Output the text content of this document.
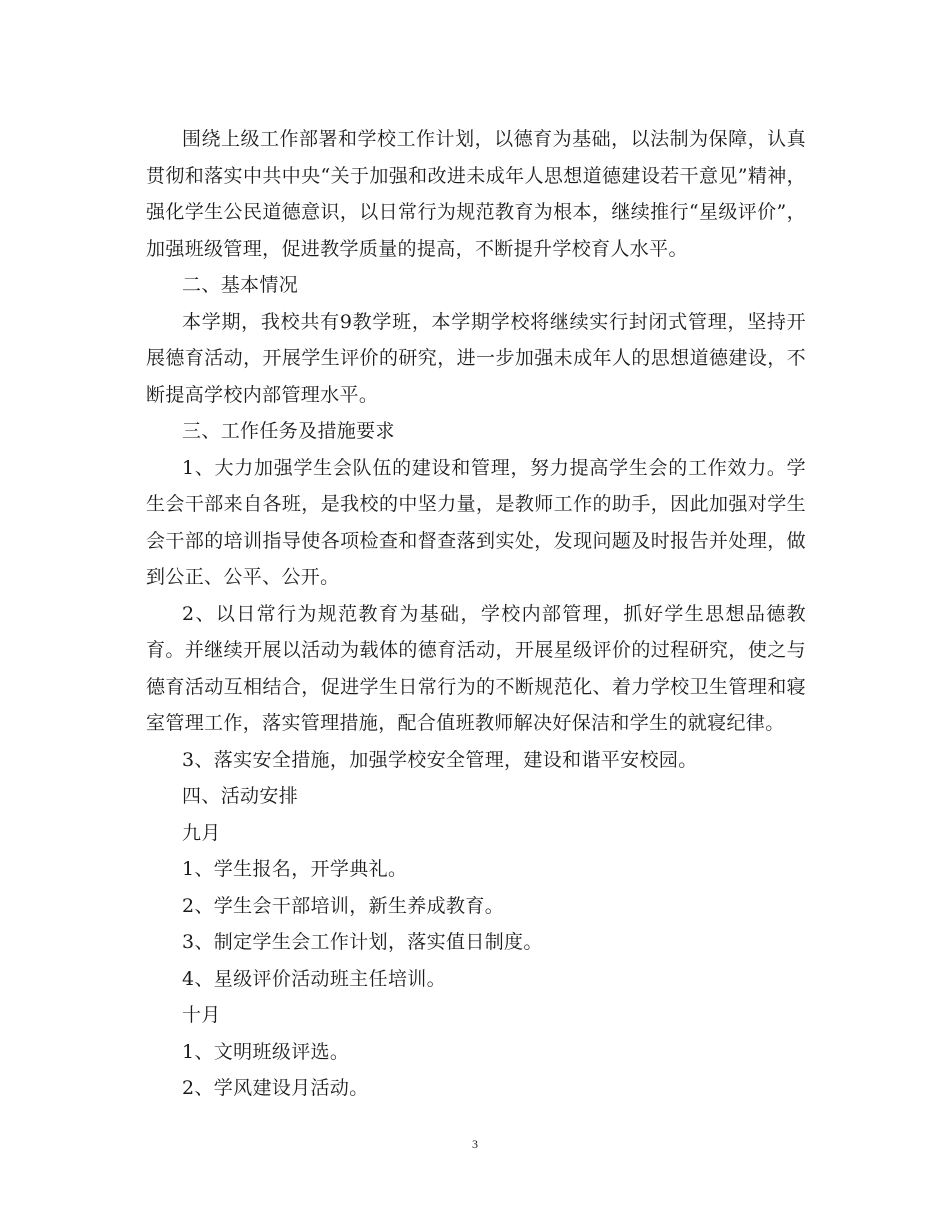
围绕上级工作部署和学校工作计划，以德育为基础，以法制为保障，认真贯彻和落实中共中央“关于加强和改进未成年人思想道德建设若干意见”精神，强化学生公民道德意识，以日常行为规范教育为根本，继续推行“星级评价”，加强班级管理，促进教学质量的提高，不断提升学校育人水平。

二、基本情况

本学期，我校共有9教学班，本学期学校将继续实行封闭式管理，坚持开展德育活动，开展学生评价的研究，进一步加强未成年人的思想道德建设，不断提高学校内部管理水平。

三、工作任务及措施要求

1、大力加强学生会队伍的建设和管理，努力提高学生会的工作效力。学生会干部来自各班，是我校的中坚力量，是教师工作的助手，因此加强对学生会干部的培训指导使各项检查和督查落到实处，发现问题及时报告并处理，做到公正、公平、公开。

2、以日常行为规范教育为基础，学校内部管理，抓好学生思想品德教育。并继续开展以活动为载体的德育活动，开展星级评价的过程研究，使之与德育活动互相结合，促进学生日常行为的不断规范化、着力学校卫生管理和寝室管理工作，落实管理措施，配合值班教师解决好保洁和学生的就寝纪律。

3、落实安全措施，加强学校安全管理，建设和谐平安校园。

四、活动安排

九月

1、学生报名，开学典礼。

2、学生会干部培训，新生养成教育。

3、制定学生会工作计划，落实值日制度。

4、星级评价活动班主任培训。

十月

1、文明班级评选。

2、学风建设月活动。

3
